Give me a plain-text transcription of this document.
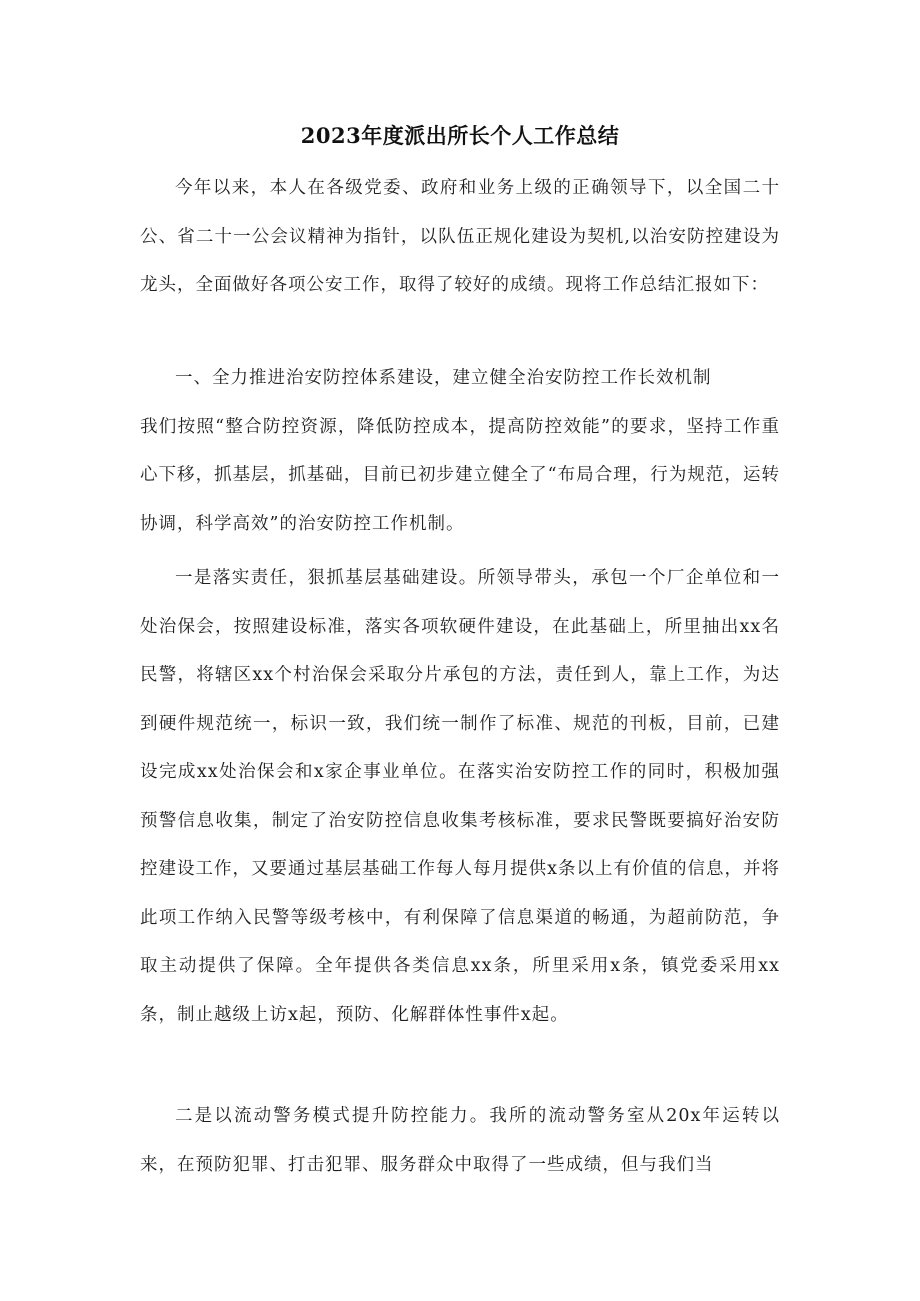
2023年度派出所长个人工作总结
今年以来，本人在各级党委、政府和业务上级的正确领导下，以全国二十公、省二十一公会议精神为指针，以队伍正规化建设为契机,以治安防控建设为龙头，全面做好各项公安工作，取得了较好的成绩。现将工作总结汇报如下：
一、全力推进治安防控体系建设，建立健全治安防控工作长效机制
我们按照“整合防控资源，降低防控成本，提高防控效能”的要求，坚持工作重心下移，抓基层，抓基础，目前已初步建立健全了“布局合理，行为规范，运转协调，科学高效”的治安防控工作机制。
一是落实责任，狠抓基层基础建设。所领导带头，承包一个厂企单位和一处治保会，按照建设标准，落实各项软硬件建设，在此基础上，所里抽出xx名民警，将辖区xx个村治保会采取分片承包的方法，责任到人，靠上工作，为达到硬件规范统一，标识一致，我们统一制作了标准、规范的刊板，目前，已建设完成xx处治保会和x家企事业单位。在落实治安防控工作的同时，积极加强预警信息收集，制定了治安防控信息收集考核标准，要求民警既要搞好治安防控建设工作，又要通过基层基础工作每人每月提供x条以上有价值的信息，并将此项工作纳入民警等级考核中，有利保障了信息渠道的畅通，为超前防范，争取主动提供了保障。全年提供各类信息xx条，所里采用x条，镇党委采用xx条，制止越级上访x起，预防、化解群体性事件x起。
二是以流动警务模式提升防控能力。我所的流动警务室从20x年运转以来，在预防犯罪、打击犯罪、服务群众中取得了一些成绩，但与我们当
